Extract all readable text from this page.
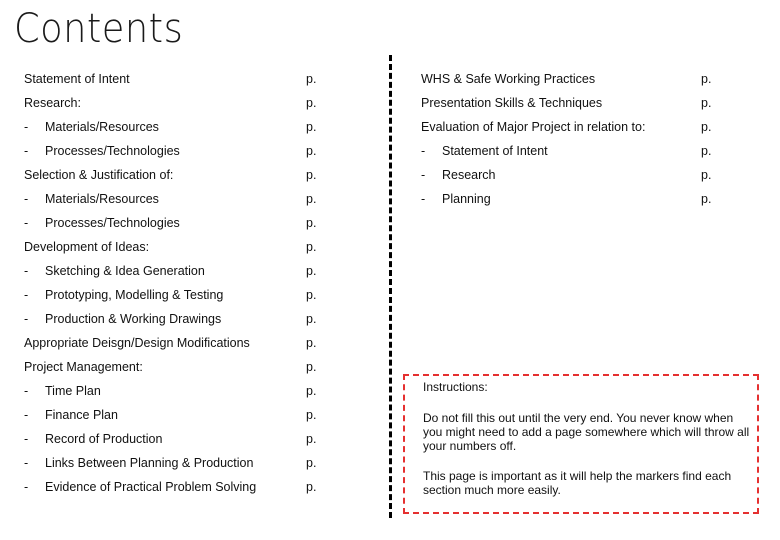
Contents
Statement of Intent	p.
Research:	p.
- Materials/Resources	p.
- Processes/Technologies	p.
Selection & Justification of:	p.
- Materials/Resources	p.
- Processes/Technologies	p.
Development of Ideas:	p.
- Sketching & Idea Generation	p.
- Prototyping, Modelling & Testing	p.
- Production & Working Drawings	p.
Appropriate Deisgn/Design Modifications	p.
Project Management:	p.
- Time Plan	p.
- Finance Plan	p.
- Record of Production	p.
- Links Between Planning & Production	p.
- Evidence of Practical Problem Solving	p.
WHS & Safe Working Practices	p.
Presentation Skills & Techniques	p.
Evaluation of Major Project in relation to:	p.
- Statement of Intent	p.
- Research	p.
- Planning	p.
Instructions:
Do not fill this out until the very end. You never know when you might need to add a page somewhere which will throw all your numbers off.
This page is important as it will help the markers find each section much more easily.
